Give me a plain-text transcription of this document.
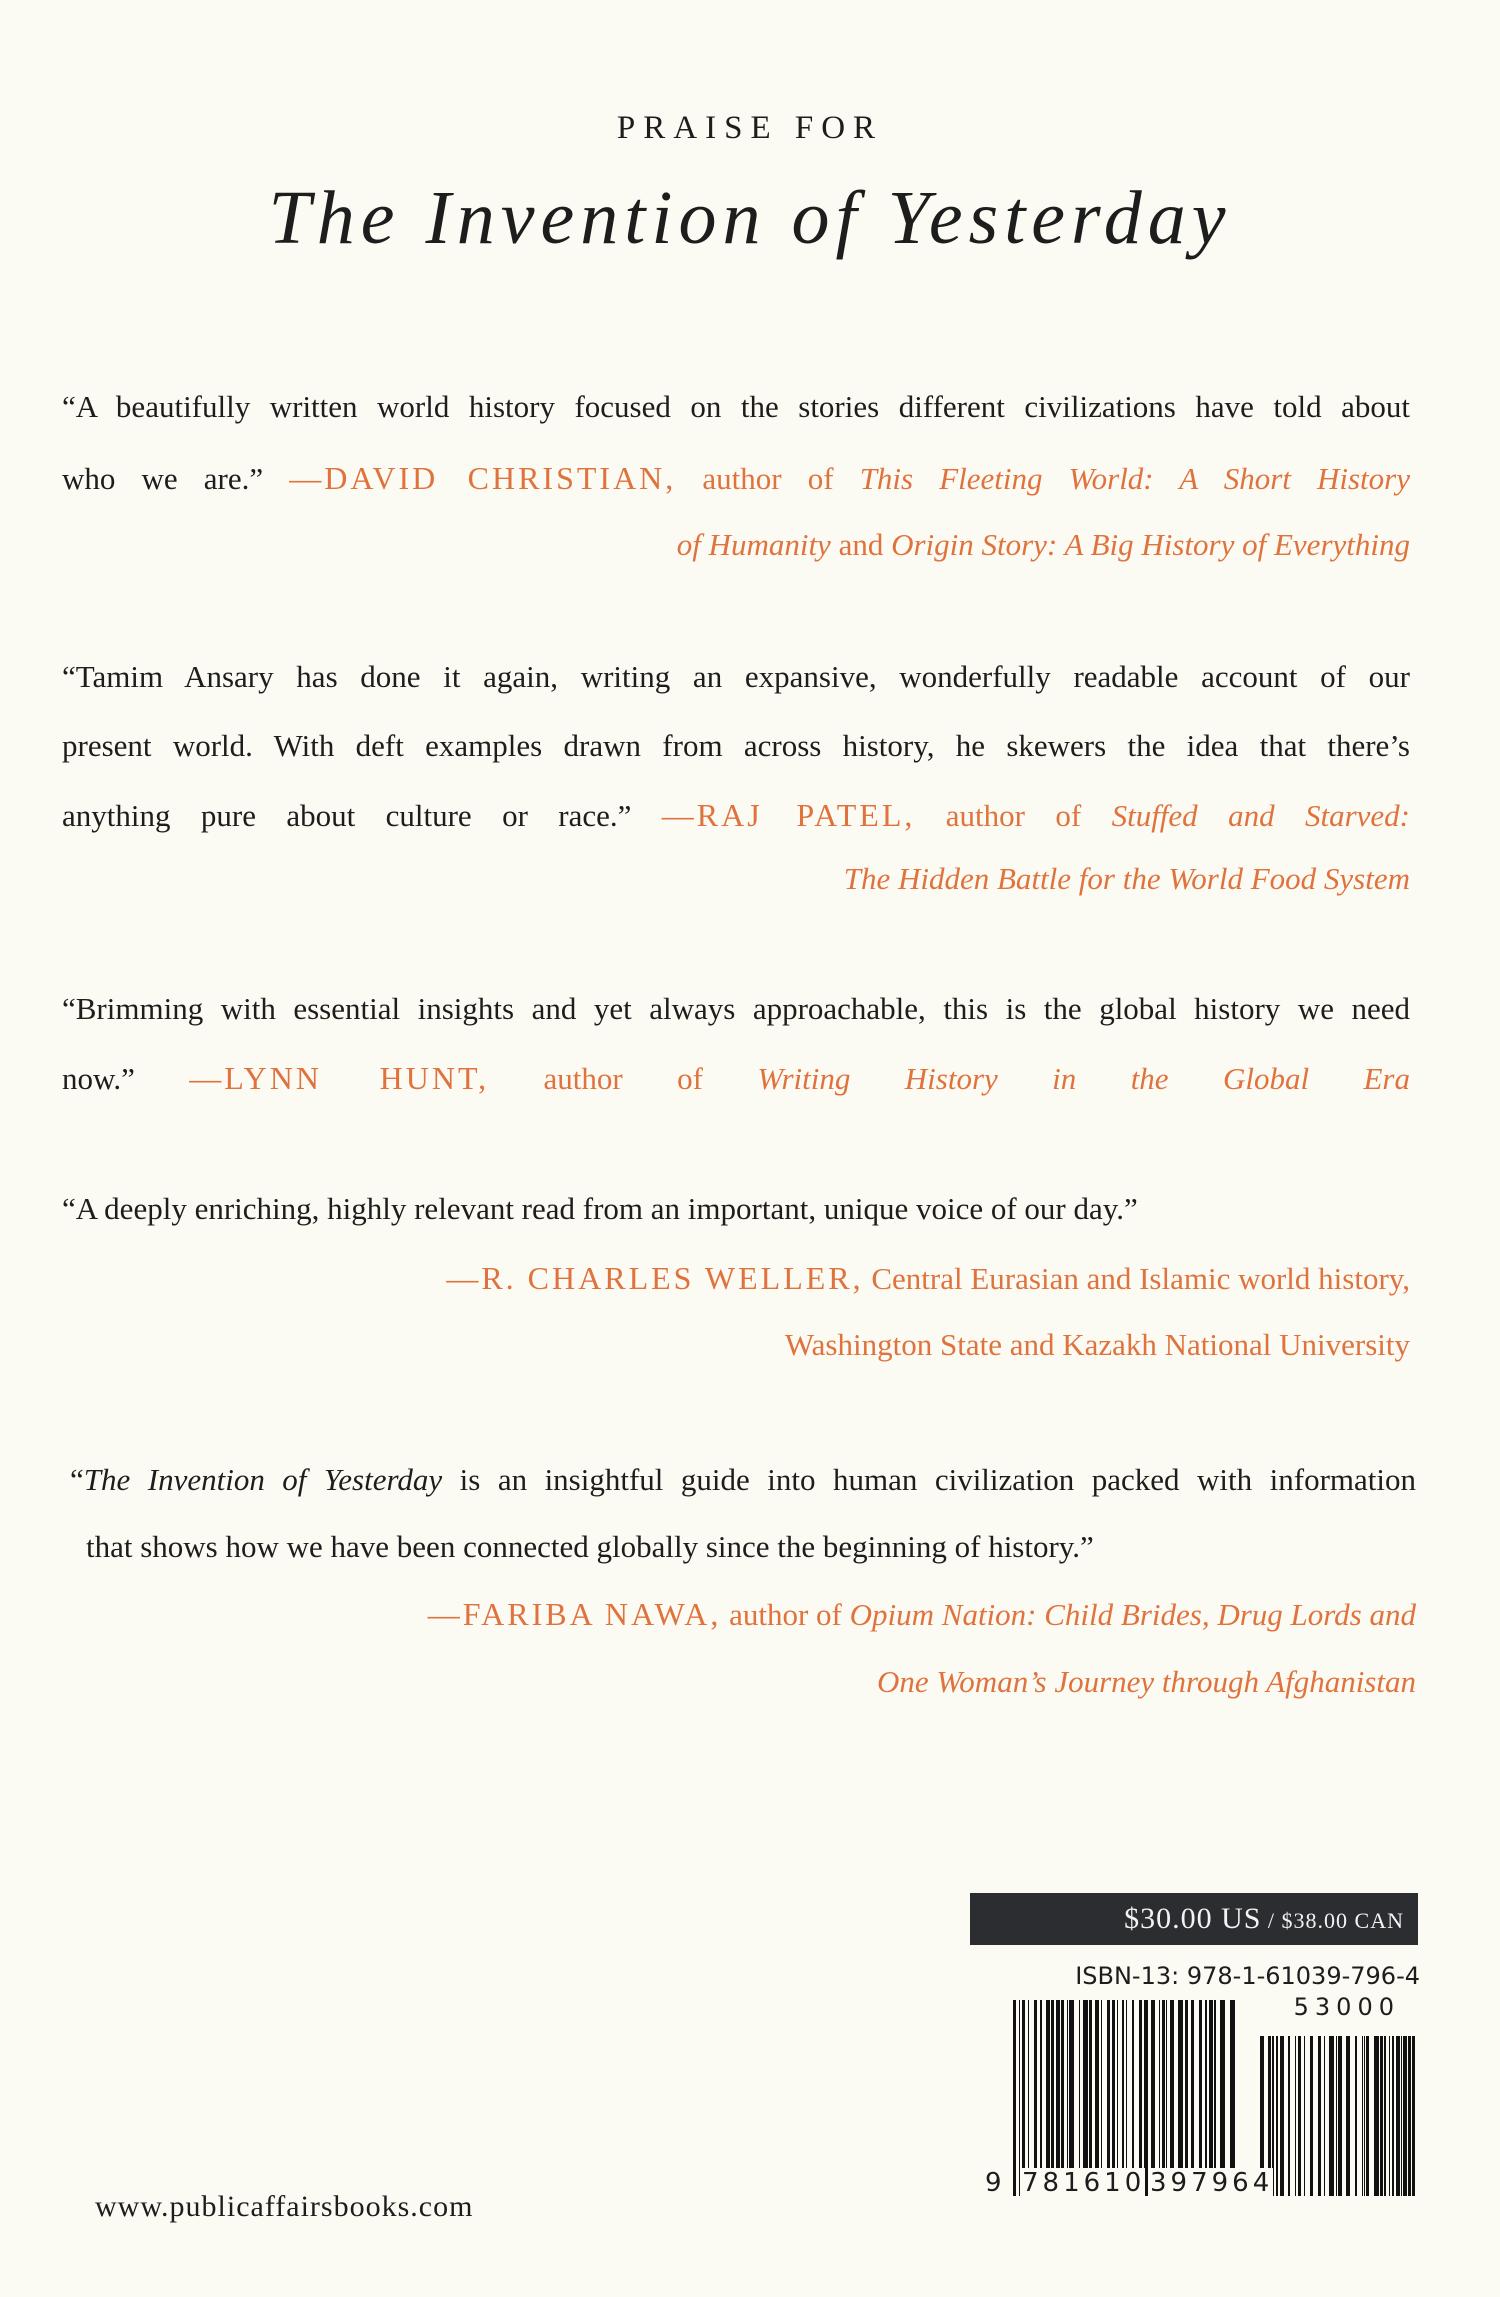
PRAISE FOR
The Invention of Yesterday
“A beautifully written world history focused on the stories different civilizations have told about
who we are.” —DAVID CHRISTIAN, author of This Fleeting World: A Short History
of Humanity and Origin Story: A Big History of Everything
“Tamim Ansary has done it again, writing an expansive, wonderfully readable account of our
present world. With deft examples drawn from across history, he skewers the idea that there’s
anything pure about culture or race.” —RAJ PATEL, author of Stuffed and Starved:
The Hidden Battle for the World Food System
“Brimming with essential insights and yet always approachable, this is the global history we need
now.” —LYNN HUNT, author of Writing History in the Global Era
“A deeply enriching, highly relevant read from an important, unique voice of our day.”
—R. CHARLES WELLER, Central Eurasian and Islamic world history,
Washington State and Kazakh National University
“The Invention of Yesterday is an insightful guide into human civilization packed with information
that shows how we have been connected globally since the beginning of history.”
—FARIBA NAWA, author of Opium Nation: Child Brides, Drug Lords and
One Woman’s Journey through Afghanistan
$30.00 US / $38.00 CAN
ISBN-13: 978-1-61039-796-4
53000
9 781610 397964
www.publicaffairsbooks.com
